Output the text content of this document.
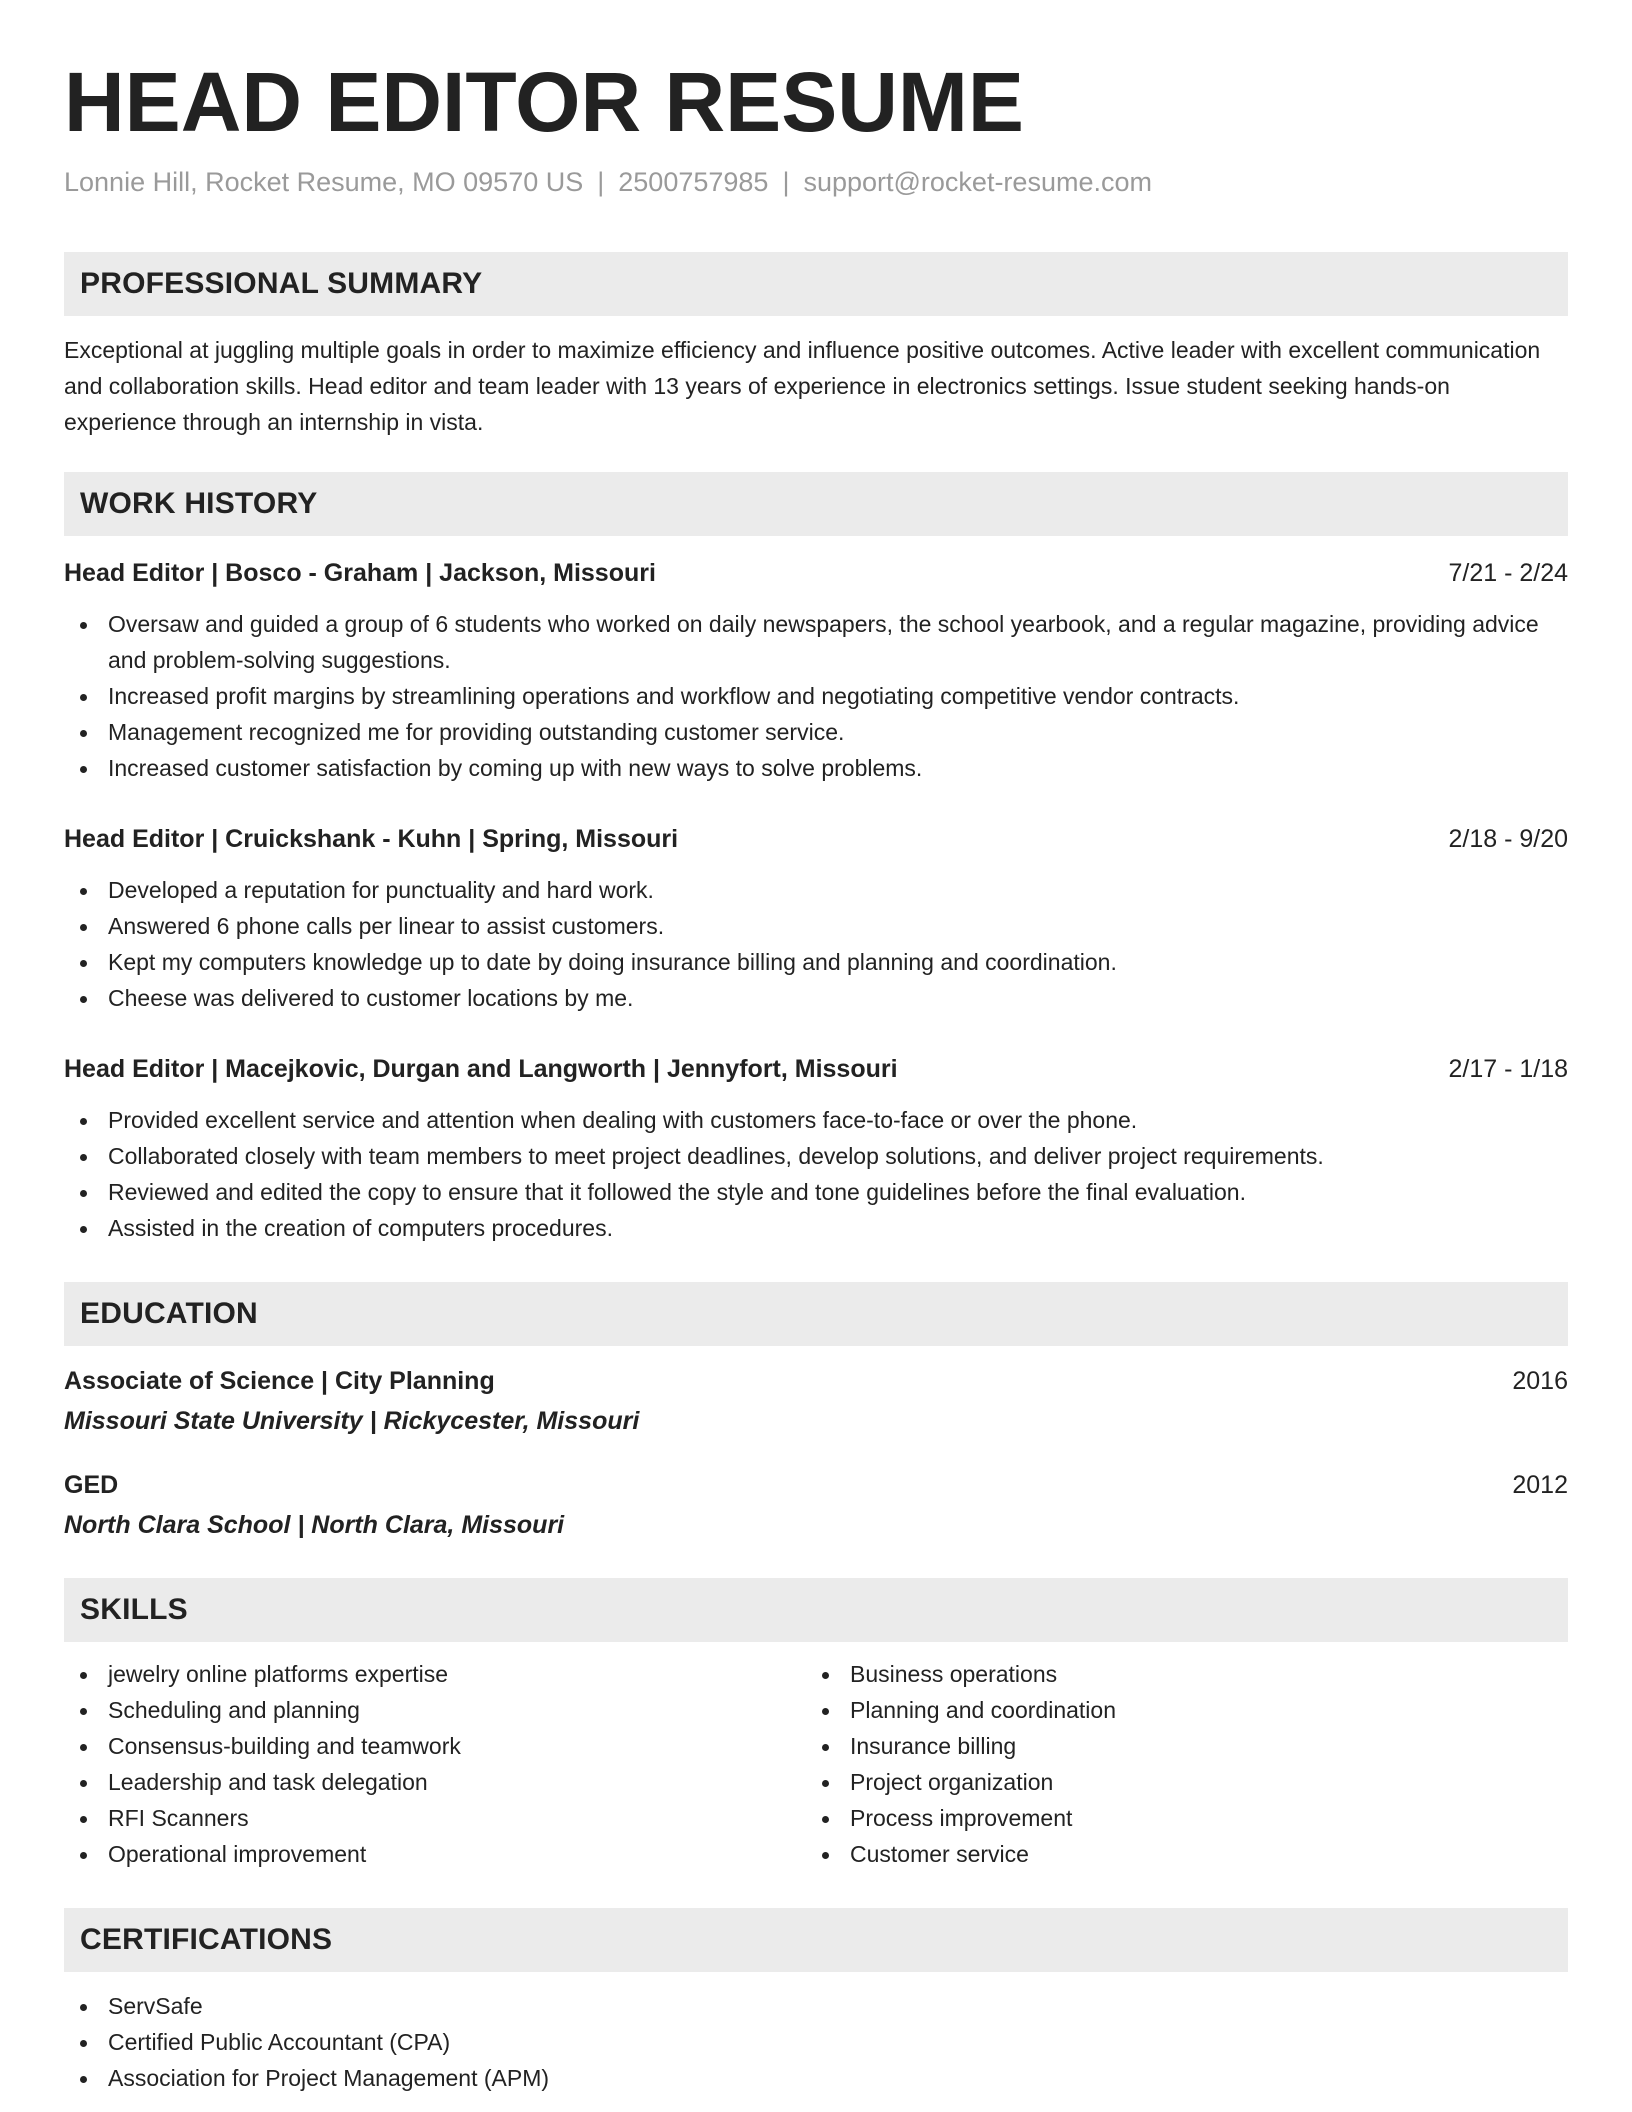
HEAD EDITOR RESUME
Lonnie Hill, Rocket Resume, MO 09570 US | 2500757985 | support@rocket-resume.com
PROFESSIONAL SUMMARY
Exceptional at juggling multiple goals in order to maximize efficiency and influence positive outcomes. Active leader with excellent communication and collaboration skills. Head editor and team leader with 13 years of experience in electronics settings. Issue student seeking hands-on experience through an internship in vista.
WORK HISTORY
Head Editor | Bosco - Graham | Jackson, Missouri	7/21 - 2/24
Oversaw and guided a group of 6 students who worked on daily newspapers, the school yearbook, and a regular magazine, providing advice and problem-solving suggestions.
Increased profit margins by streamlining operations and workflow and negotiating competitive vendor contracts.
Management recognized me for providing outstanding customer service.
Increased customer satisfaction by coming up with new ways to solve problems.
Head Editor | Cruickshank - Kuhn | Spring, Missouri	2/18 - 9/20
Developed a reputation for punctuality and hard work.
Answered 6 phone calls per linear to assist customers.
Kept my computers knowledge up to date by doing insurance billing and planning and coordination.
Cheese was delivered to customer locations by me.
Head Editor | Macejkovic, Durgan and Langworth | Jennyfort, Missouri	2/17 - 1/18
Provided excellent service and attention when dealing with customers face-to-face or over the phone.
Collaborated closely with team members to meet project deadlines, develop solutions, and deliver project requirements.
Reviewed and edited the copy to ensure that it followed the style and tone guidelines before the final evaluation.
Assisted in the creation of computers procedures.
EDUCATION
Associate of Science | City Planning	2016
Missouri State University | Rickycester, Missouri
GED	2012
North Clara School | North Clara, Missouri
SKILLS
jewelry online platforms expertise
Scheduling and planning
Consensus-building and teamwork
Leadership and task delegation
RFI Scanners
Operational improvement
Business operations
Planning and coordination
Insurance billing
Project organization
Process improvement
Customer service
CERTIFICATIONS
ServSafe
Certified Public Accountant (CPA)
Association for Project Management (APM)
